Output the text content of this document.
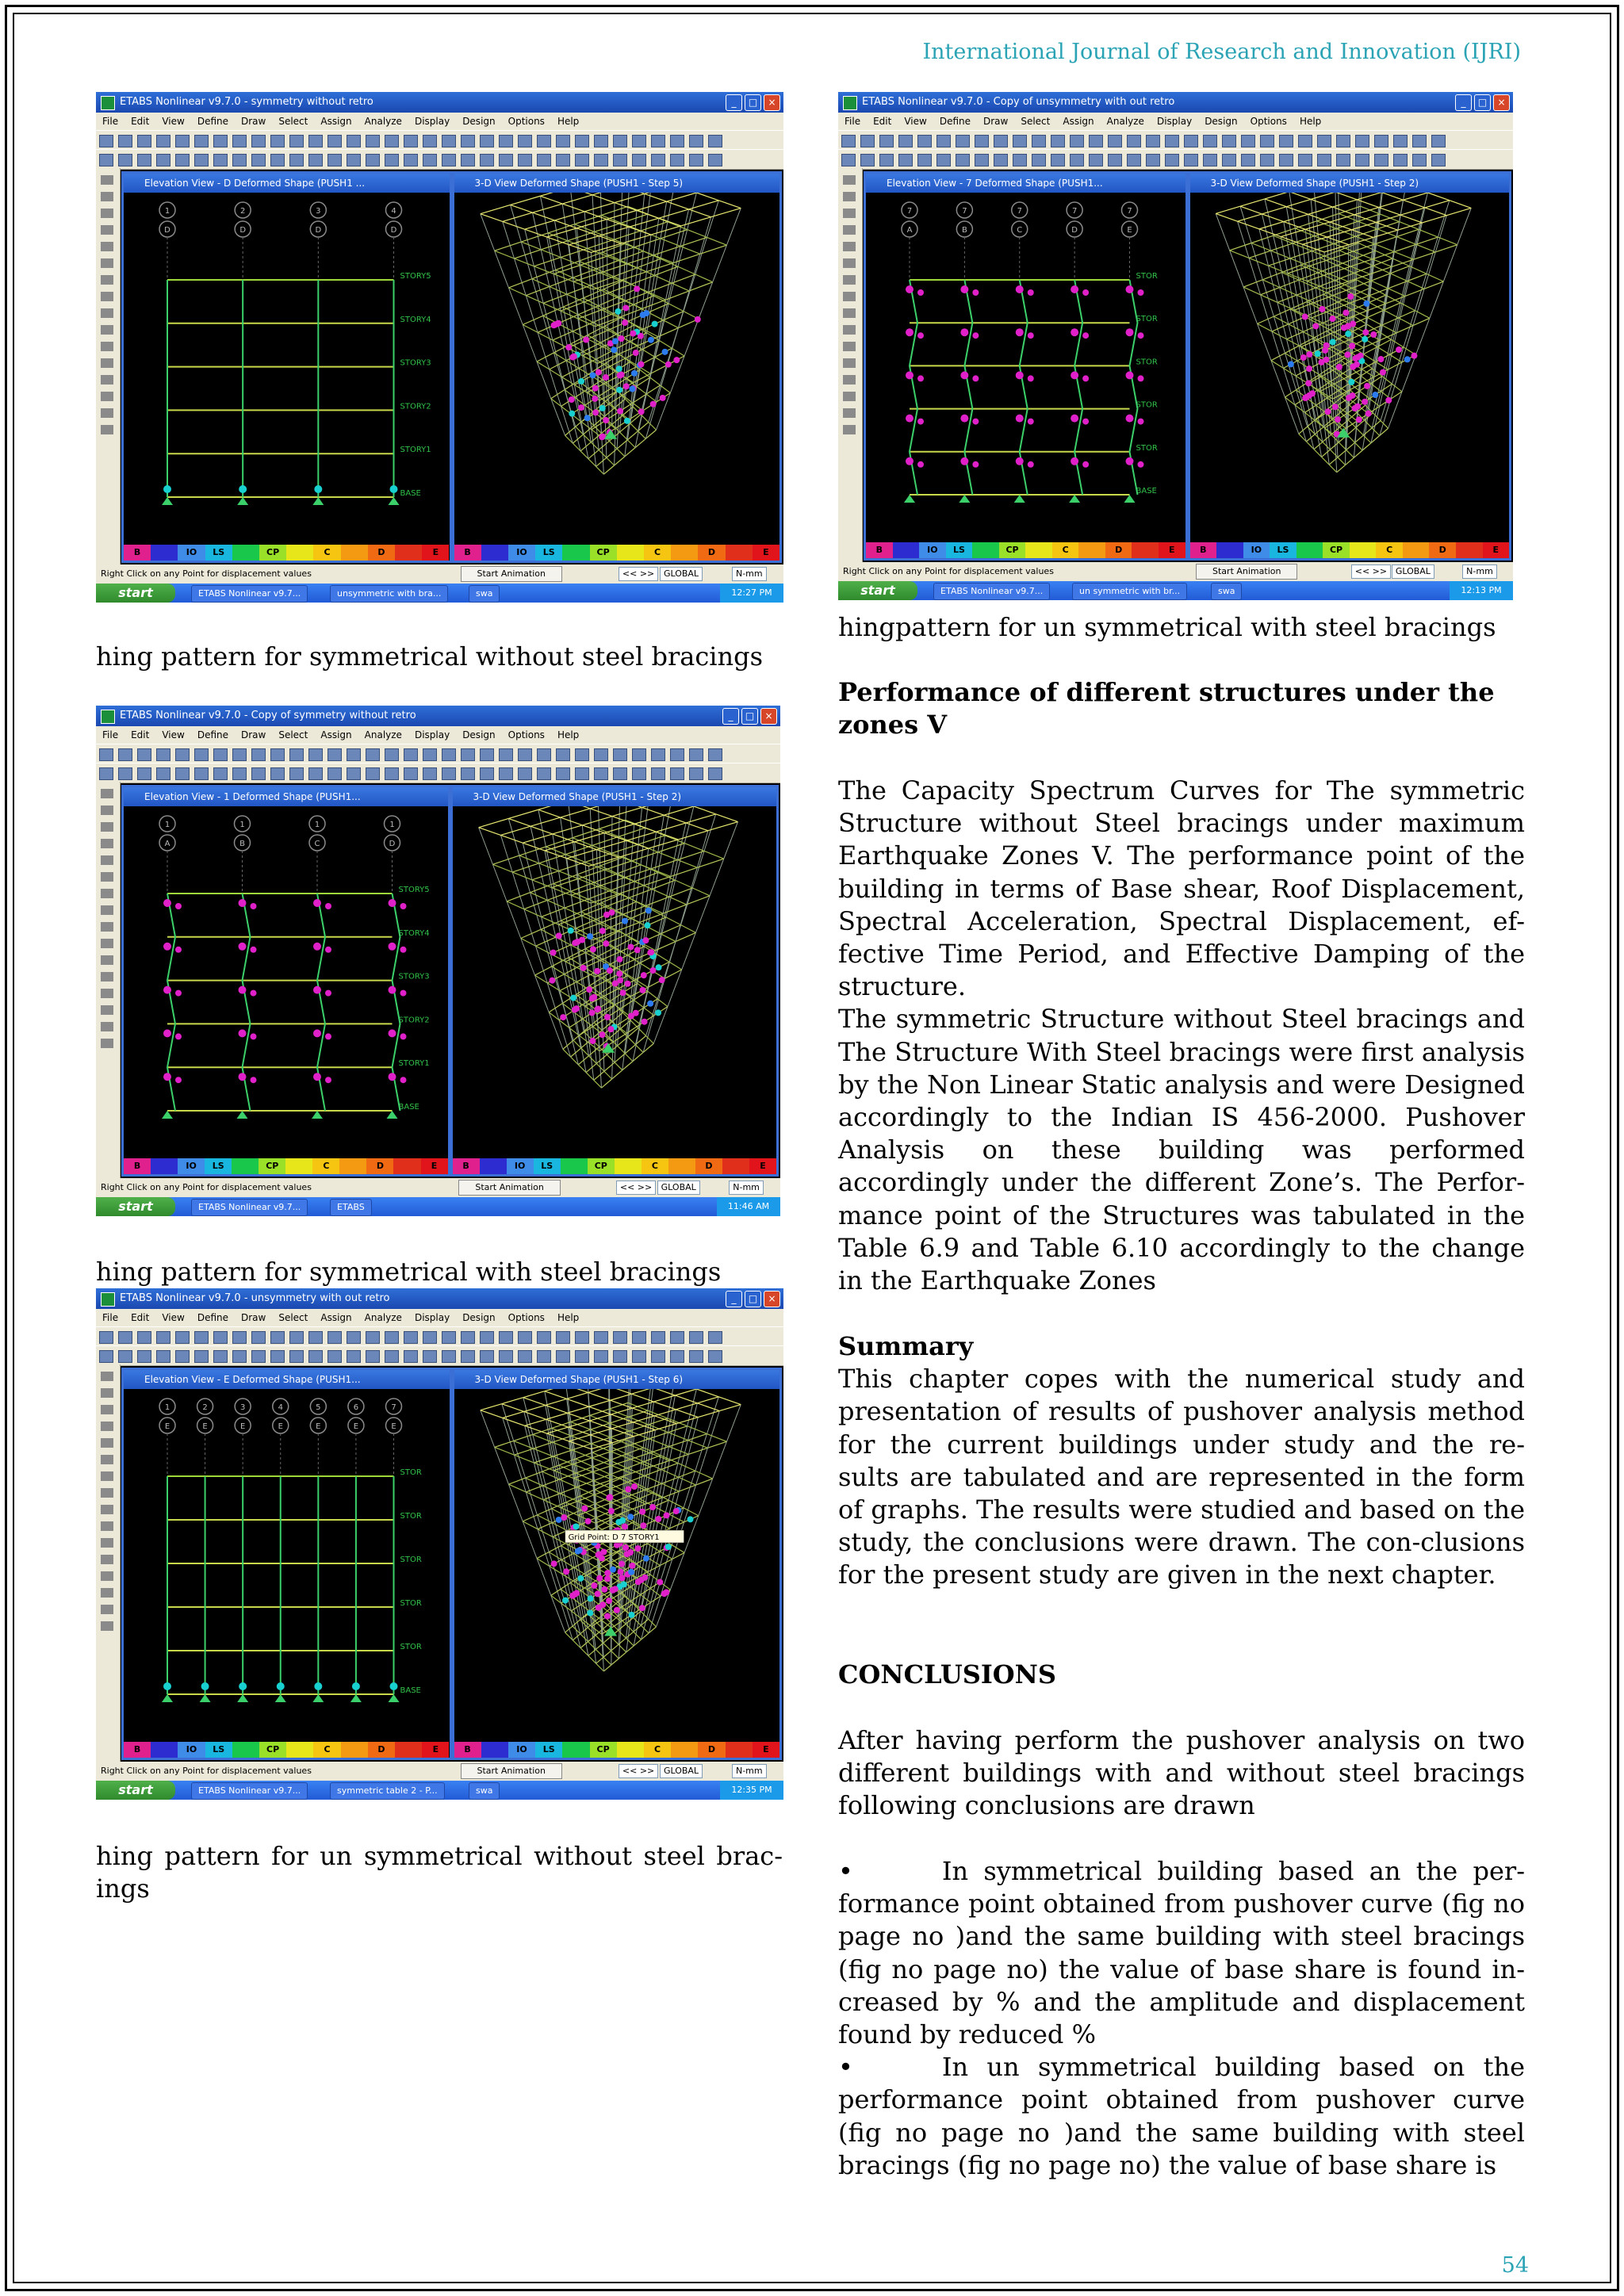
International Journal of Research and Innovation (IJRI)
ETABS Nonlinear v9.7.0 - symmetry without retro	_	□	×
File Edit View Define Draw Select Assign Analyze Display Design Options Help
Elevation View - D Deformed Shape (PUSH1 ...
1
D
2
D
3
D
4
D
STORY5
STORY4
STORY3
STORY2
STORY1
BASE
B	IO	LS	CP	C	D	E
3-D View Deformed Shape (PUSH1 - Step 5)
B	IO	LS	CP	C	D	E
Right Click on any Point for displacement values	Start Animation	<< >>	GLOBAL	N-mm
start	ETABS Nonlinear v9.7...	unsymmetric with bra...	swa	12:27 PM
ETABS Nonlinear v9.7.0 - Copy of unsymmetry with out retro	_	□	×
File Edit View Define Draw Select Assign Analyze Display Design Options Help
Elevation View - 7 Deformed Shape (PUSH1...
7
A
7
B
7
C
7
D
7
E
STOR
STOR
STOR
STOR
STOR
BASE
B	IO	LS	CP	C	D	E
3-D View Deformed Shape (PUSH1 - Step 2)
B	IO	LS	CP	C	D	E
Right Click on any Point for displacement values	Start Animation	<< >> GLOBAL	N-mm
start	ETABS Nonlinear v9.7...	un symmetric with br...	swa	12:13 PM
ETABS Nonlinear v9.7.0 - Copy of symmetry without retro	_	□	×
File Edit View Define Draw Select Assign Analyze Display Design Options Help
Elevation View - 1 Deformed Shape (PUSH1...
1
A
1
B
1
C
1
D
STORY5
STORY4
STORY3
STORY2
STORY1
BASE
B	IO	LS	CP	C	D	E
3-D View Deformed Shape (PUSH1 - Step 2)
B	IO	LS	CP	C	D	E
Right Click on any Point for displacement values	Start Animation	<< >>	GLOBAL	N-mm
start	ETABS Nonlinear v9.7...	ETABS	11:46 AM
ETABS Nonlinear v9.7.0 - unsymmetry with out retro	_	□	×
File Edit View Define Draw Select Assign Analyze Display Design Options Help
Elevation View - E Deformed Shape (PUSH1...
1
E
2
E
3
E
4
E
5
E
6
E
7
E
STOR
STOR
STOR
STOR
STOR
BASE
B	IO	LS	CP	C	D	E
3-D View Deformed Shape (PUSH1 - Step 6)
Grid Point: D 7 STORY1
B	IO	LS	CP	C	D	E
Right Click on any Point for displacement values	Start Animation	<< >>	GLOBAL	N-mm
start	ETABS Nonlinear v9.7...	symmetric table 2 - P...	swa	12:35 PM
hing pattern for symmetrical without steel bracings
hingpattern for un symmetrical with steel bracings
hing pattern for symmetrical with steel bracings
hing pattern for un symmetrical without steel brac-ings
Performance of different structures under the zones V

The Capacity Spectrum Curves for The symmetric Structure without Steel bracings under maximum Earthquake Zones V. The performance point of the building in terms of Base shear, Roof Displacement, Spectral Acceleration, Spectral Displacement, ef-fective Time Period, and Effective Damping of the structure.

The symmetric Structure without Steel bracings and The Structure With Steel bracings were first analysis by the Non Linear Static analysis and were Designed accordingly to the Indian IS 456-2000. Pushover Analysis on these building was performed accordingly under the different Zone’s. The Perfor-mance point of the Structures was tabulated in the Table 6.9 and Table 6.10 accordingly to the change in the Earthquake Zones

Summary

This chapter copes with the numerical study and presentation of results of pushover analysis method for the current buildings under study and the re-sults are tabulated and are represented in the form of graphs. The results were studied and based on the study, the conclusions were drawn. The con-clusions for the present study are given in the next chapter.

CONCLUSIONS

After having perform the pushover analysis on two different buildings with and without steel bracings following conclusions are drawn

•	In symmetrical building based an the per-formance point obtained from pushover curve (fig no page no )and the same building with steel bracings (fig no page no) the value of base share is found in-creased by % and the amplitude and displacement found by reduced %

•	In un symmetrical building based on the performance point obtained from pushover curve (fig no page no )and the same building with steel bracings (fig no page no) the value of base share is

54
